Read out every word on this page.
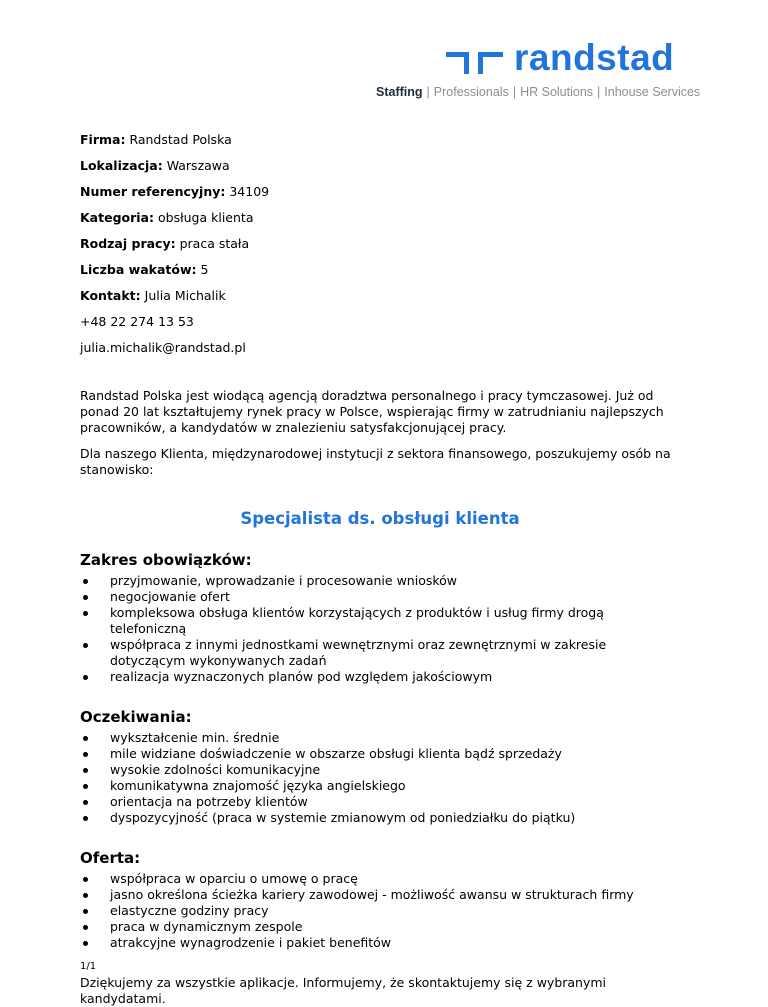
randstad
Staffing | Professionals | HR Solutions | Inhouse Services
Firma: Randstad Polska
Lokalizacja: Warszawa
Numer referencyjny: 34109
Kategoria: obsługa klienta
Rodzaj pracy: praca stała
Liczba wakatów: 5
Kontakt: Julia Michalik
+48 22 274 13 53
julia.michalik@randstad.pl

Randstad Polska jest wiodącą agencją doradztwa personalnego i pracy tymczasowej. Już od ponad 20 lat kształtujemy rynek pracy w Polsce, wspierając firmy w zatrudnianiu najlepszych pracowników, a kandydatów w znalezieniu satysfakcjonującej pracy.

Dla naszego Klienta, międzynarodowej instytucji z sektora finansowego, poszukujemy osób na stanowisko:

Specjalista ds. obsługi klienta
Zakres obowiązków:
przyjmowanie, wprowadzanie i procesowanie wniosków
negocjowanie ofert
kompleksowa obsługa klientów korzystających z produktów i usług firmy drogą telefoniczną
współpraca z innymi jednostkami wewnętrznymi oraz zewnętrznymi w zakresie dotyczącym wykonywanych zadań
realizacja wyznaczonych planów pod względem jakościowym
Oczekiwania:
wykształcenie min. średnie
mile widziane doświadczenie w obszarze obsługi klienta bądź sprzedaży
wysokie zdolności komunikacyjne
komunikatywna znajomość języka angielskiego
orientacja na potrzeby klientów
dyspozycyjność (praca w systemie zmianowym od poniedziałku do piątku)
Oferta:
współpraca w oparciu o umowę o pracę
jasno określona ścieżka kariery zawodowej - możliwość awansu w strukturach firmy
elastyczne godziny pracy
praca w dynamicznym zespole
atrakcyjne wynagrodzenie i pakiet benefitów

Dziękujemy za wszystkie aplikacje. Informujemy, że skontaktujemy się z wybranymi kandydatami.

1/1
